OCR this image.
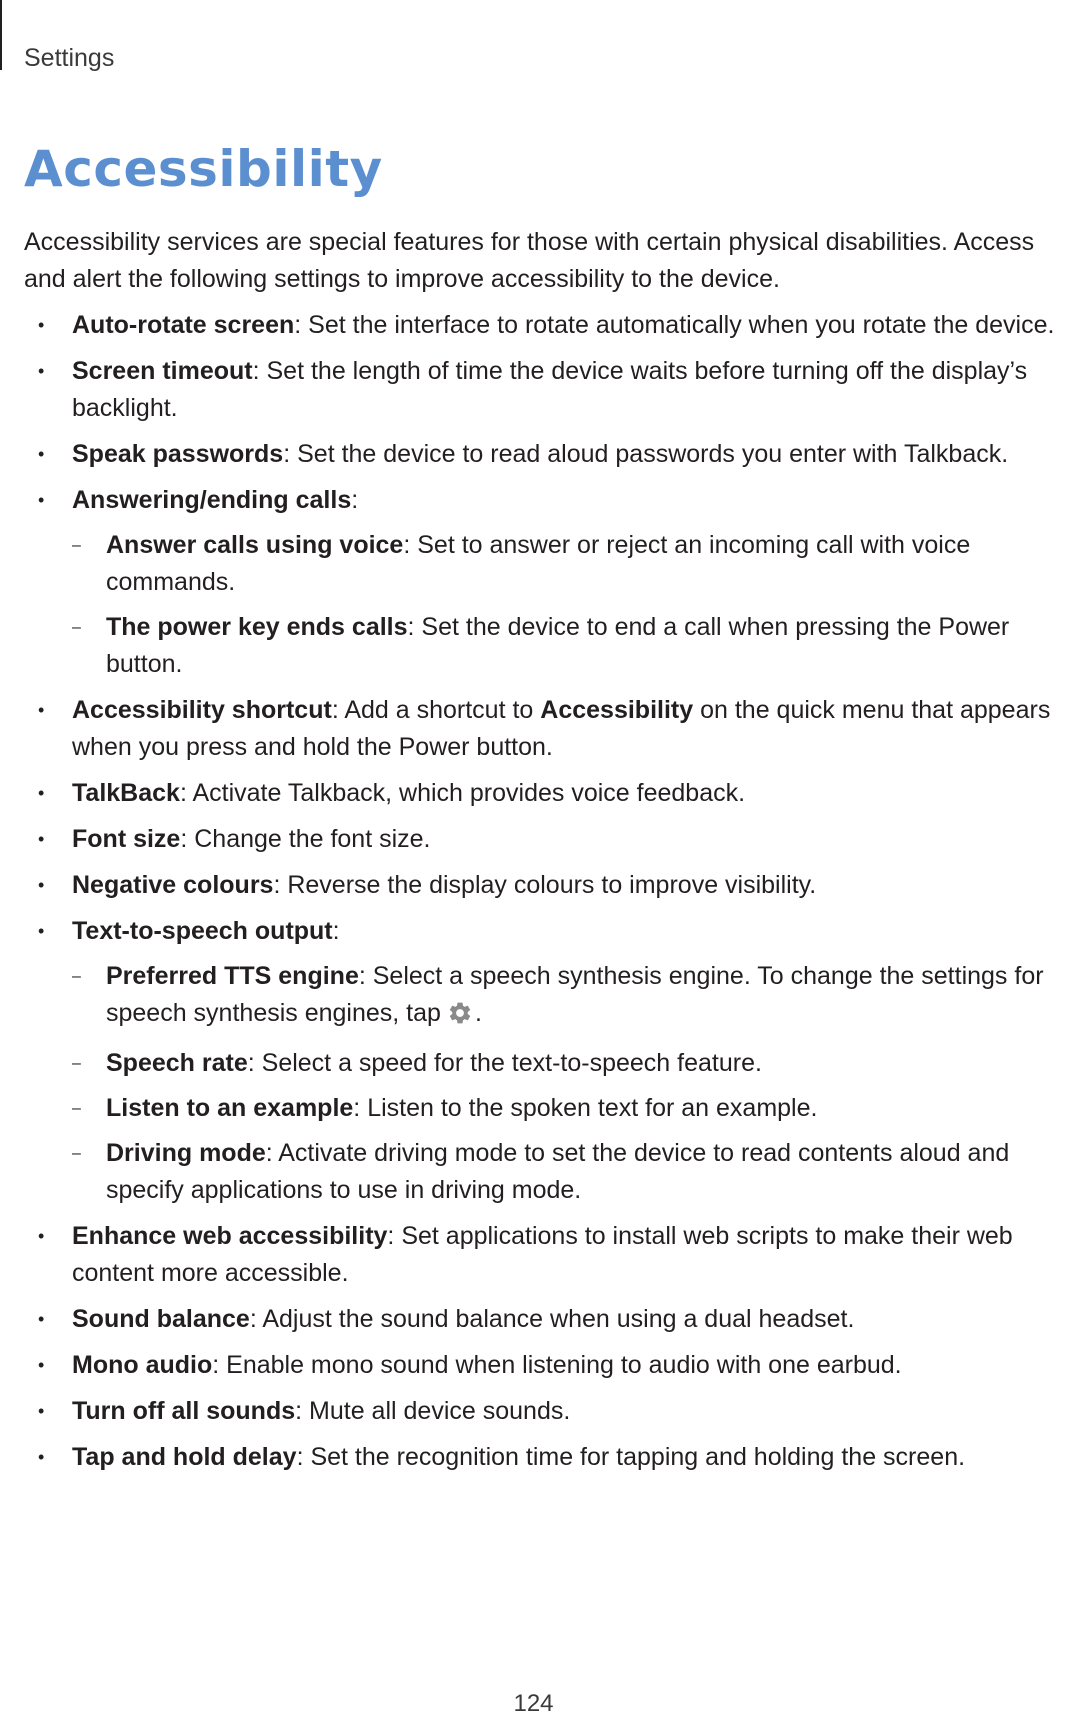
Settings
Accessibility

Accessibility services are special features for those with certain physical disabilities. Access and alert the following settings to improve accessibility to the device.

• Auto-rotate screen: Set the interface to rotate automatically when you rotate the device.
• Screen timeout: Set the length of time the device waits before turning off the display’s backlight.
• Speak passwords: Set the device to read aloud passwords you enter with Talkback.
• Answering/ending calls:
– Answer calls using voice: Set to answer or reject an incoming call with voice commands.
– The power key ends calls: Set the device to end a call when pressing the Power button.
• Accessibility shortcut: Add a shortcut to Accessibility on the quick menu that appears when you press and hold the Power button.
• TalkBack: Activate Talkback, which provides voice feedback.
• Font size: Change the font size.
• Negative colours: Reverse the display colours to improve visibility.
• Text-to-speech output:
– Preferred TTS engine: Select a speech synthesis engine. To change the settings for speech synthesis engines, tap .
– Speech rate: Select a speed for the text-to-speech feature.
– Listen to an example: Listen to the spoken text for an example.
– Driving mode: Activate driving mode to set the device to read contents aloud and specify applications to use in driving mode.
• Enhance web accessibility: Set applications to install web scripts to make their web content more accessible.
• Sound balance: Adjust the sound balance when using a dual headset.
• Mono audio: Enable mono sound when listening to audio with one earbud.
• Turn off all sounds: Mute all device sounds.
• Tap and hold delay: Set the recognition time for tapping and holding the screen.
124
